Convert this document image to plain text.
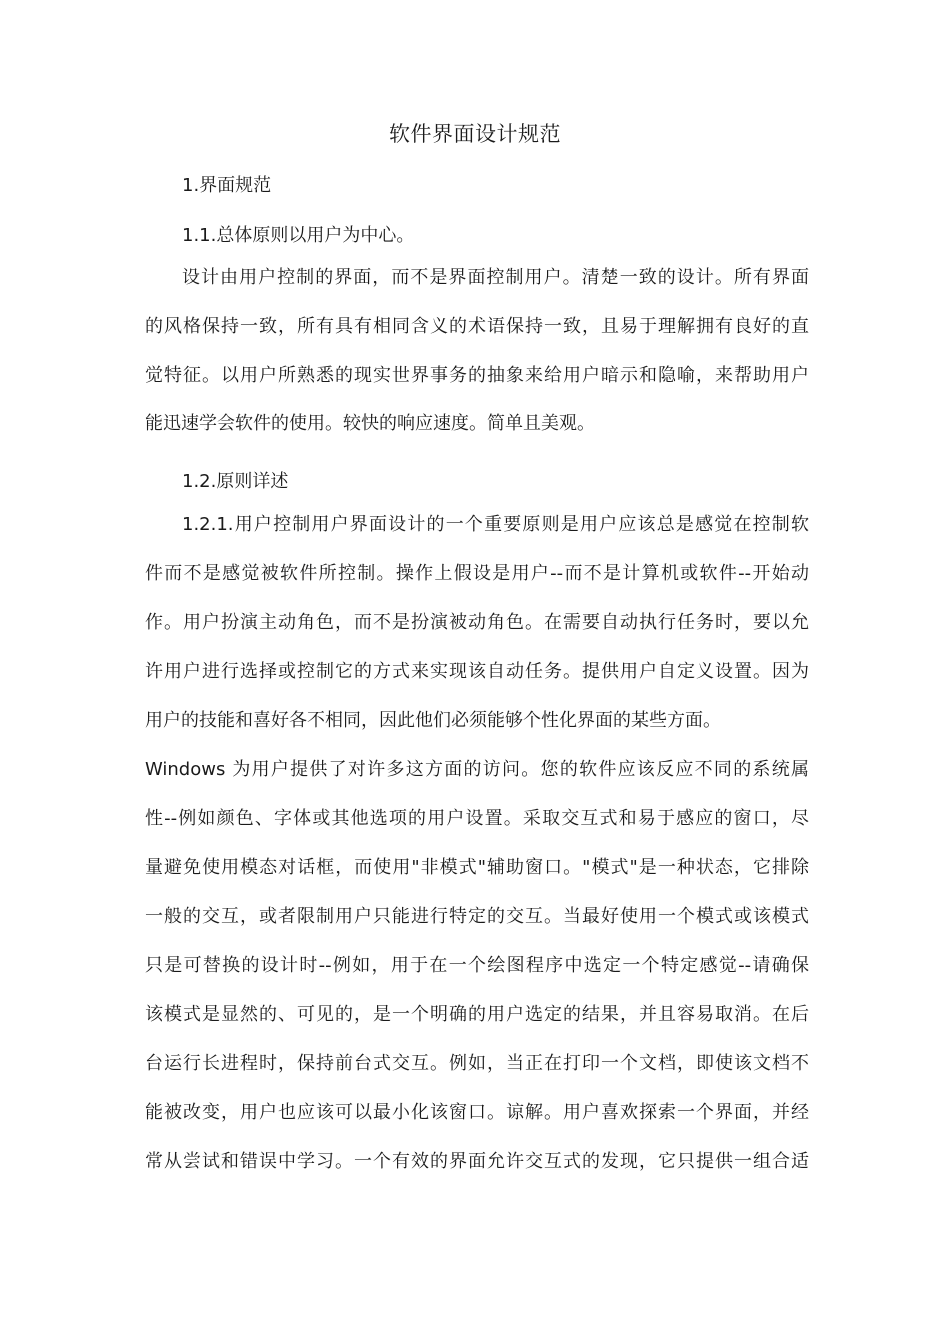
软件界面设计规范
1.界面规范
1.1.总体原则以用户为中心。
设计由用户控制的界面，而不是界面控制用户。清楚一致的设计。所有界面
的风格保持一致，所有具有相同含义的术语保持一致，且易于理解拥有良好的直
觉特征。以用户所熟悉的现实世界事务的抽象来给用户暗示和隐喻，来帮助用户
能迅速学会软件的使用。较快的响应速度。简单且美观。
1.2.原则详述
1.2.1.用户控制用户界面设计的一个重要原则是用户应该总是感觉在控制软
件而不是感觉被软件所控制。操作上假设是用户--而不是计算机或软件--开始动
作。用户扮演主动角色，而不是扮演被动角色。在需要自动执行任务时，要以允
许用户进行选择或控制它的方式来实现该自动任务。提供用户自定义设置。因为
用户的技能和喜好各不相同，因此他们必须能够个性化界面的某些方面。
Windows 为用户提供了对许多这方面的访问。您的软件应该反应不同的系统属
性--例如颜色、字体或其他选项的用户设置。采取交互式和易于感应的窗口，尽
量避免使用模态对话框，而使用"非模式"辅助窗口。"模式"是一种状态，它排除
一般的交互，或者限制用户只能进行特定的交互。当最好使用一个模式或该模式
只是可替换的设计时--例如，用于在一个绘图程序中选定一个特定感觉--请确保
该模式是显然的、可见的，是一个明确的用户选定的结果，并且容易取消。在后
台运行长进程时，保持前台式交互。例如，当正在打印一个文档，即使该文档不
能被改变，用户也应该可以最小化该窗口。谅解。用户喜欢探索一个界面，并经
常从尝试和错误中学习。一个有效的界面允许交互式的发现，它只提供一组合适
